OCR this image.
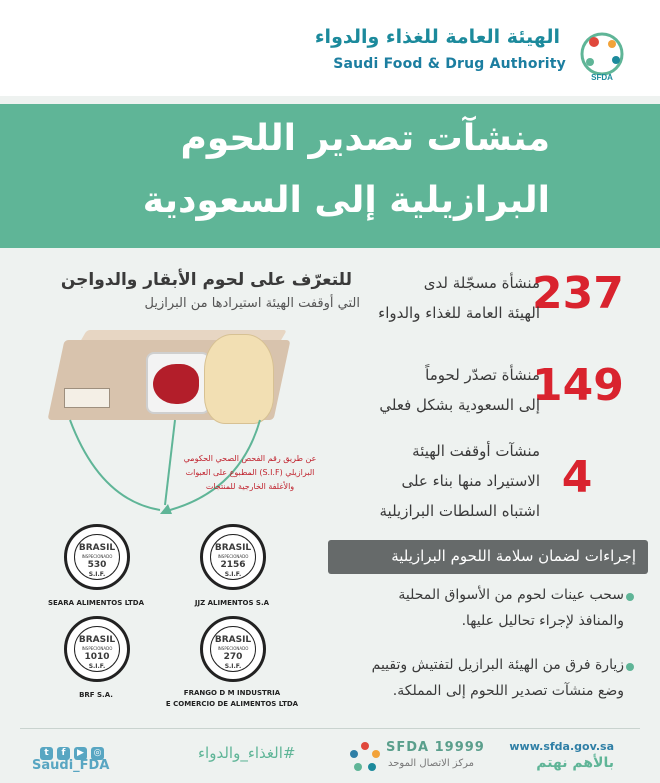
SFDA
الهيئة العامة للغذاء والدواء
Saudi Food & Drug Authority
منشآت تصدير اللحوم
البرازيلية إلى السعودية
237
منشأة مسجّلة لدى
الهيئة العامة للغذاء والدواء
149
منشأة تصدّر لحوماً
إلى السعودية بشكل فعلي
4
منشآت أوقفت الهيئة
الاستيراد منها بناء على
اشتباه السلطات البرازيلية
للتعرّف على لحوم الأبقار والدواجن
التي أوقفت الهيئة استيرادها من البرازيل
عن طريق رقم الفحص الصحي الحكومي
البرازيلي (S.I.F) المطبوع على العبوات
والأغلفة الخارجية للمنتجات
BRASIL
INSPECIONADO
530
S.I.F.
SEARA ALIMENTOS LTDA
BRASIL
INSPECIONADO
2156
S.I.F.
JJZ ALIMENTOS S.A
BRASIL
INSPECIONADO
1010
S.I.F.
BRF S.A.
BRASIL
INSPECIONADO
270
S.I.F.
FRANGO D M INDUSTRIA
E COMERCIO DE ALIMENTOS LTDA
إجراءات لضمان سلامة اللحوم البرازيلية
سحب عينات لحوم من الأسواق المحلية
والمنافذ لإجراء تحاليل عليها.
زيارة فرق من الهيئة البرازيل لتفتيش وتقييم
وضع منشآت تصدير اللحوم إلى المملكة.
t f ▶ ◎
Saudi_FDA
#الغذاء_والدواء	SFDA 19999
مركز الاتصال الموحد
www.sfda.gov.sa
بالأهم نهتم
